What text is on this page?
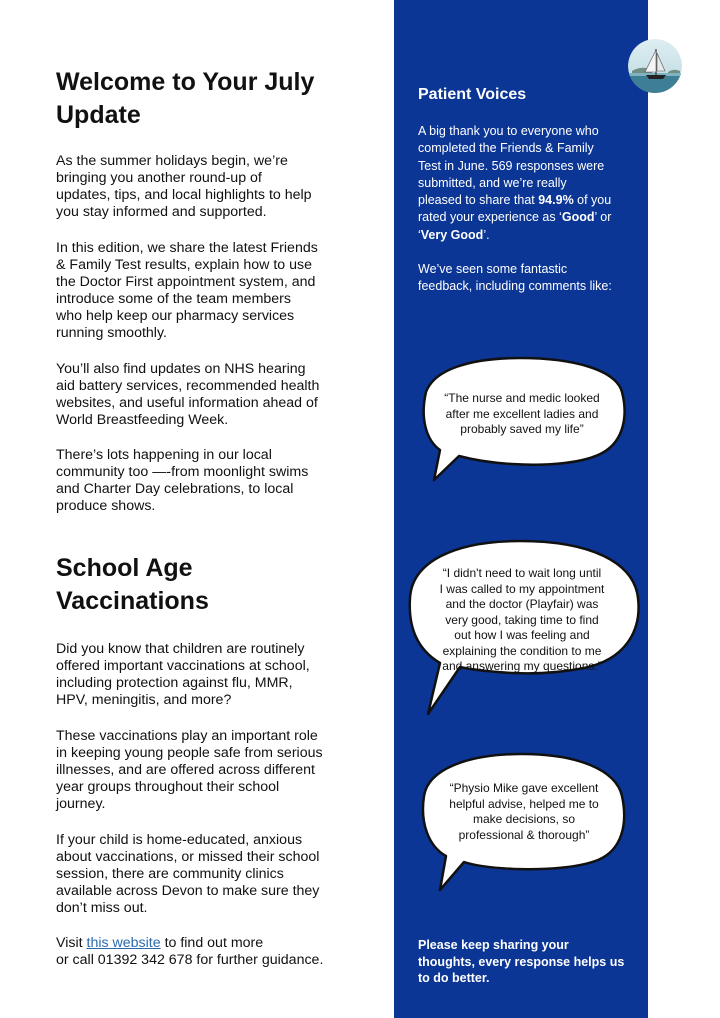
Welcome to Your July
Update

As the summer holidays begin, we’re
bringing you another round-up of
updates, tips, and local highlights to help
you stay informed and supported.

In this edition, we share the latest Friends
& Family Test results, explain how to use
the Doctor First appointment system, and
introduce some of the team members
who help keep our pharmacy services
running smoothly.

You’ll also find updates on NHS hearing
aid battery services, recommended health
websites, and useful information ahead of
World Breastfeeding Week.

There’s lots happening in our local
community too —-from moonlight swims
and Charter Day celebrations, to local
produce shows.

School Age
Vaccinations

Did you know that children are routinely
offered important vaccinations at school,
including protection against flu, MMR,
HPV, meningitis, and more?

These vaccinations play an important role
in keeping young people safe from serious
illnesses, and are offered across different
year groups throughout their school
journey.

If your child is home-educated, anxious
about vaccinations, or missed their school
session, there are community clinics
available across Devon to make sure they
don’t miss out.

Visit this website to find out more
or call 01392 342 678 for further guidance.

Patient Voices
A big thank you to everyone who
completed the Friends & Family
Test in June. 569 responses were
submitted, and we’re really
pleased to share that 94.9% of you
rated your experience as ‘Good’ or
‘Very Good’.
We’ve seen some fantastic
feedback, including comments like:
“The nurse and medic looked
after me excellent ladies and
probably saved my life”
“I didn't need to wait long until
I was called to my appointment
and the doctor (Playfair) was
very good, taking time to find
out how I was feeling and
explaining the condition to me
and answering my questions.”
“Physio Mike gave excellent
helpful advise, helped me to
make decisions, so
professional & thorough”
Please keep sharing your
thoughts, every response helps us
to do better.
